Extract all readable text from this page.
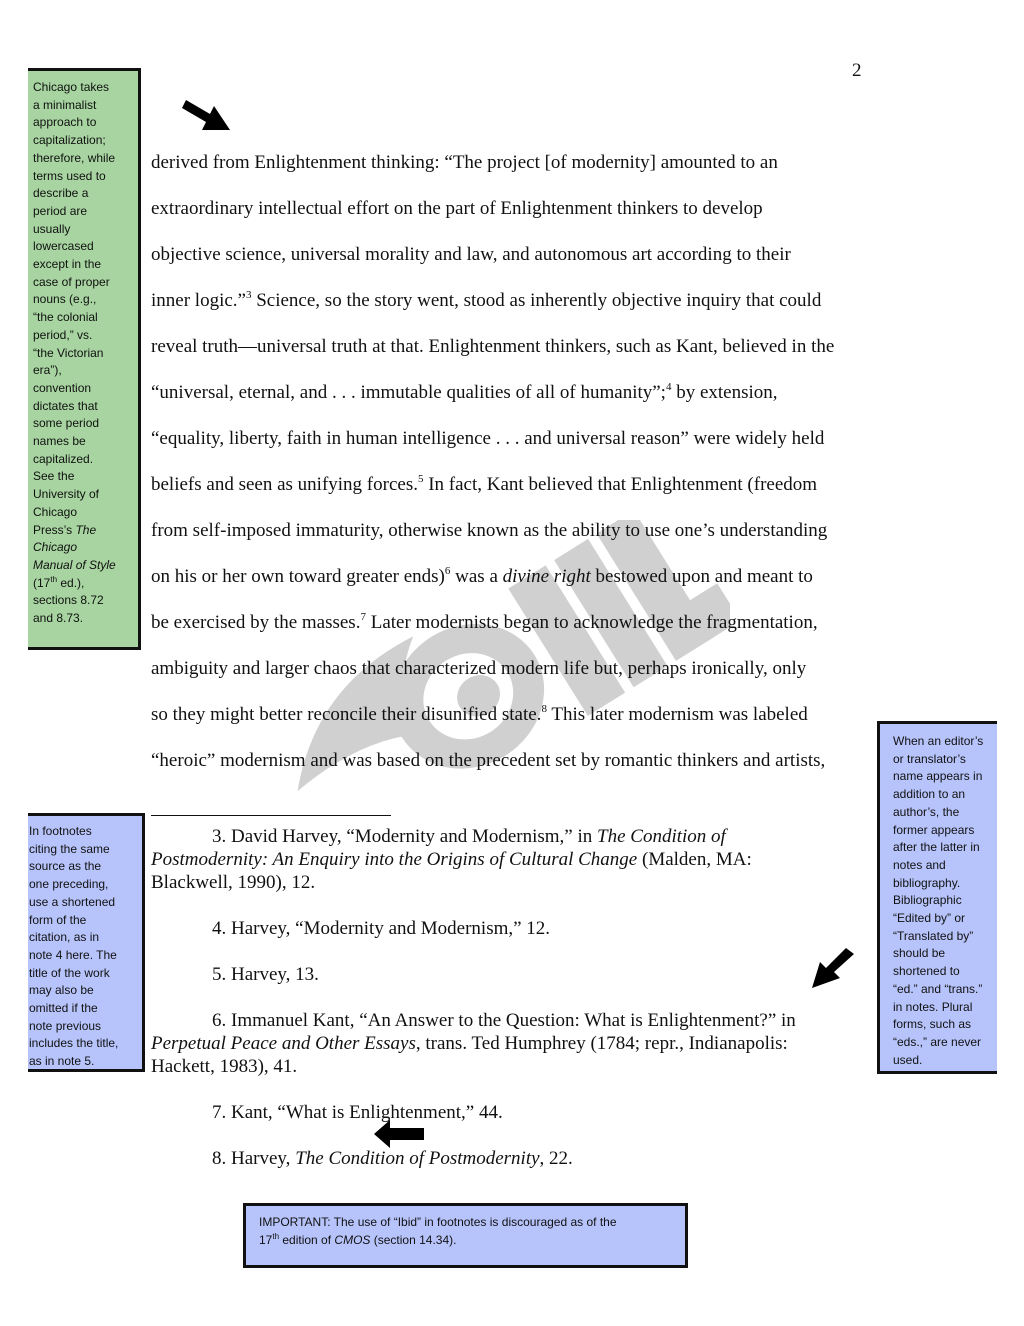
2
derived from Enlightenment thinking: “The project [of modernity] amounted to an
extraordinary intellectual effort on the part of Enlightenment thinkers to develop
objective science, universal morality and law, and autonomous art according to their
inner logic.”$^3$ Science, so the story went, stood as inherently objective inquiry that could
reveal truth—universal truth at that. Enlightenment thinkers, such as Kant, believed in the
“universal, eternal, and . . . immutable qualities of all of humanity”;$^4$ by extension,
“equality, liberty, faith in human intelligence . . . and universal reason” were widely held
beliefs and seen as unifying forces.$^5$ In fact, Kant believed that Enlightenment (freedom
from self-imposed immaturity, otherwise known as the ability to use one’s understanding
on his or her own toward greater ends)$^6$ was a divine right bestowed upon and meant to
be exercised by the masses.$^7$ Later modernists began to acknowledge the fragmentation,
ambiguity and larger chaos that characterized modern life but, perhaps ironically, only
so they might better reconcile their disunified state.$^8$ This later modernism was labeled
“heroic” modernism and was based on the precedent set by romantic thinkers and artists,
3. David Harvey, “Modernity and Modernism,” in The Condition of
Postmodernity: An Enquiry into the Origins of Cultural Change (Malden, MA:
Blackwell, 1990), 12.
4. Harvey, “Modernity and Modernism,” 12.
5. Harvey, 13.
6. Immanuel Kant, “An Answer to the Question: What is Enlightenment?” in
Perpetual Peace and Other Essays, trans. Ted Humphrey (1784; repr., Indianapolis:
Hackett, 1983), 41.
7. Kant, “What is Enlightenment,” 44.
8. Harvey, The Condition of Postmodernity, 22.
Chicago takes
a minimalist
approach to
capitalization;
therefore, while
terms used to
describe a
period are
usually
lowercased
except in the
case of proper
nouns (e.g.,
“the colonial
period,” vs.
“the Victorian
era”),
convention
dictates that
some period
names be
capitalized.
See the
University of
Chicago
Press’s The
Chicago
Manual of Style
(17th ed.),
sections 8.72
and 8.73.
In footnotes
citing the same
source as the
one preceding,
use a shortened
form of the
citation, as in
note 4 here. The
title of the work
may also be
omitted if the
note previous
includes the title,
as in note 5.
When an editor’s
or translator’s
name appears in
addition to an
author’s, the
former appears
after the latter in
notes and
bibliography.
Bibliographic
“Edited by” or
“Translated by”
should be
shortened to
“ed.” and “trans.”
in notes. Plural
forms, such as
“eds.,” are never
used.
IMPORTANT: The use of “Ibid” in footnotes is discouraged as of the
17th edition of CMOS (section 14.34).
